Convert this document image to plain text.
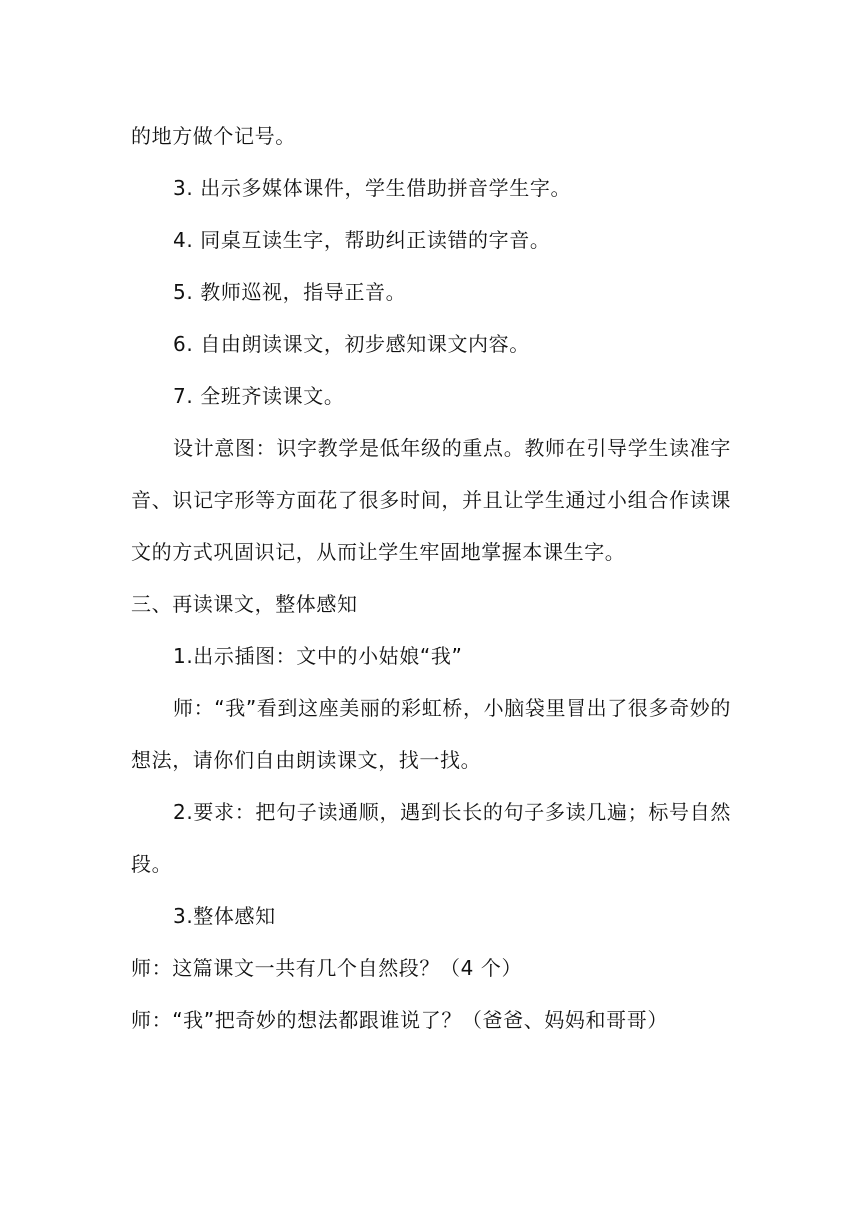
的地方做个记号。

3. 出示多媒体课件，学生借助拼音学生字。

4. 同桌互读生字，帮助纠正读错的字音。

5. 教师巡视，指导正音。

6. 自由朗读课文，初步感知课文内容。

7. 全班齐读课文。

设计意图：识字教学是低年级的重点。教师在引导学生读准字音、识记字形等方面花了很多时间，并且让学生通过小组合作读课文的方式巩固识记，从而让学生牢固地掌握本课生字。

三、再读课文，整体感知

1.出示插图：文中的小姑娘“我”

师：“我”看到这座美丽的彩虹桥，小脑袋里冒出了很多奇妙的想法，请你们自由朗读课文，找一找。

2.要求：把句子读通顺，遇到长长的句子多读几遍；标号自然段。

3.整体感知

师：这篇课文一共有几个自然段？（4 个）

师：“我”把奇妙的想法都跟谁说了？（爸爸、妈妈和哥哥）
